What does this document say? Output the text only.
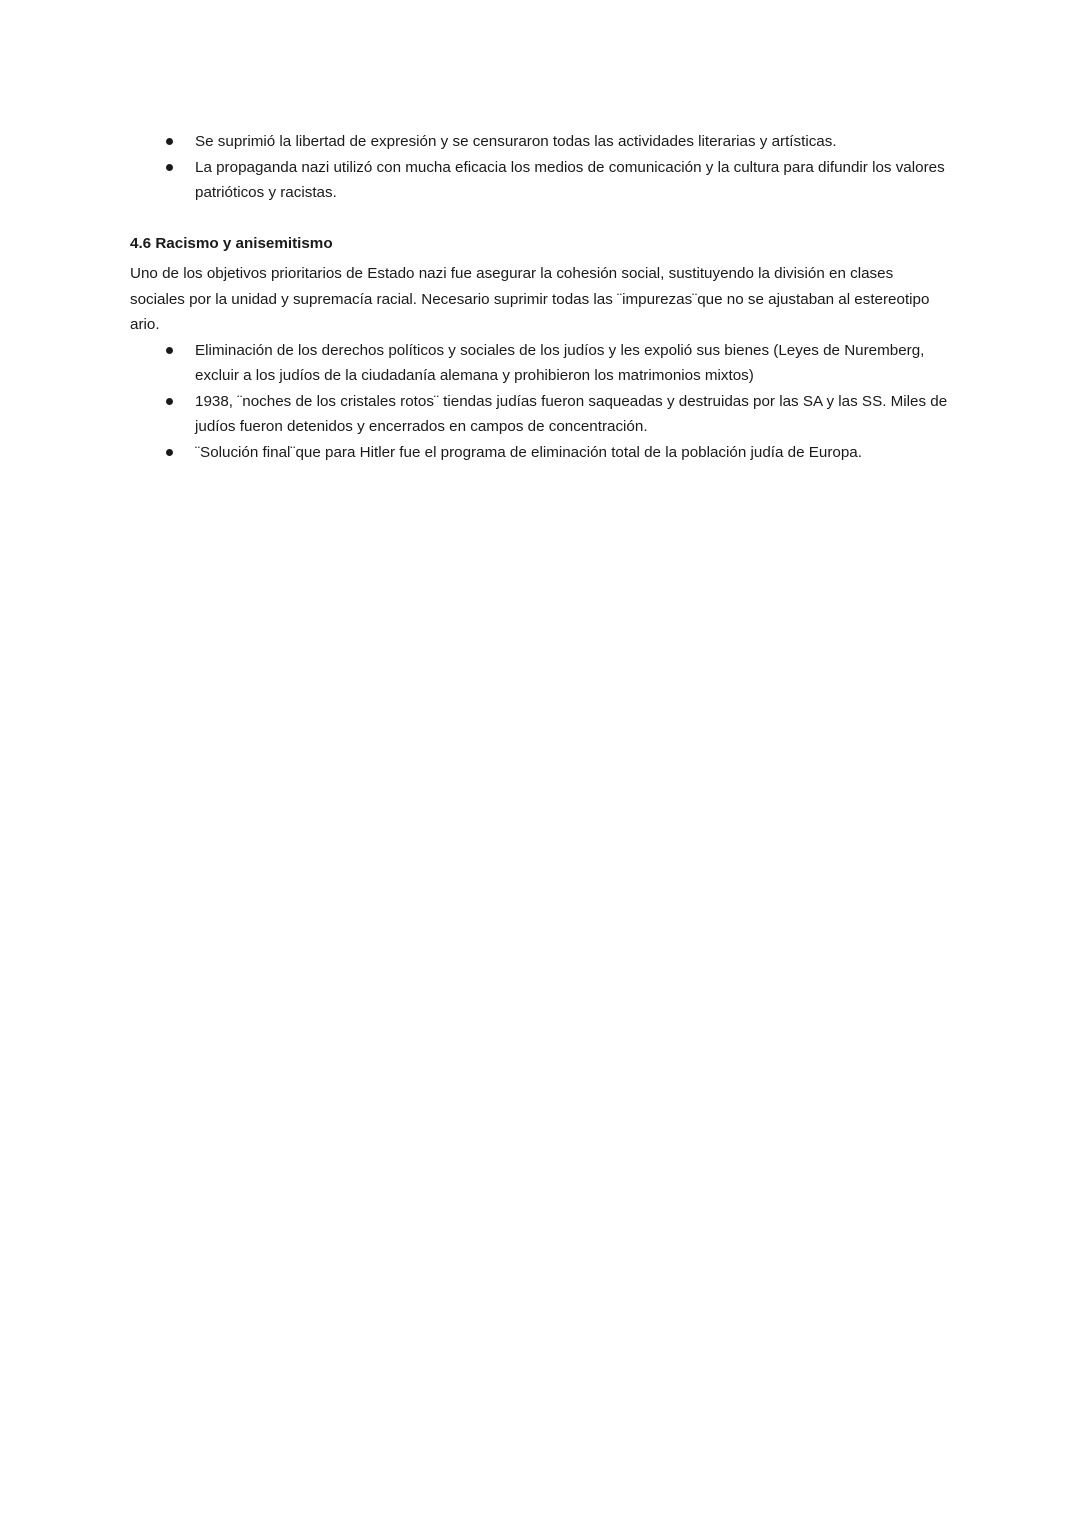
Se suprimió la libertad de expresión y se censuraron todas las actividades literarias y artísticas.
La propaganda nazi utilizó con mucha eficacia los medios de comunicación y la cultura para difundir los valores patrióticos y racistas.
4.6 Racismo y anisemitismo

Uno de los objetivos prioritarios de Estado nazi fue asegurar la cohesión social, sustituyendo la división en clases sociales por la unidad y supremacía racial. Necesario suprimir todas las ¨impurezas¨que no se ajustaban al estereotipo ario.

Eliminación de los derechos políticos y sociales de los judíos y les expolió sus bienes (Leyes de Nuremberg, excluir a los judíos de la ciudadanía alemana y prohibieron los matrimonios mixtos)
1938, ¨noches de los cristales rotos¨ tiendas judías fueron saqueadas y destruidas por las SA y las SS. Miles de judíos fueron detenidos y encerrados en campos de concentración.
¨Solución final¨que para Hitler fue el programa de eliminación total de la población judía de Europa.
